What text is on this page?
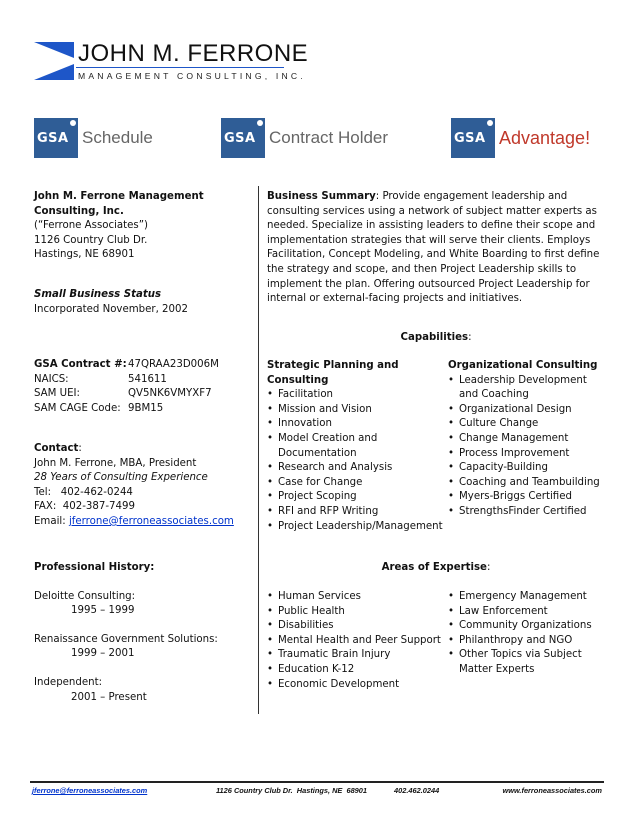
JOHN M. FERRONE
MANAGEMENT CONSULTING, INC.
GSA Schedule	GSA Contract Holder	GSA Advantage!
John M. Ferrone Management Consulting, Inc.
(“Ferrone Associates”)
1126 Country Club Dr.
Hastings, NE 68901
Small Business Status
Incorporated November, 2002
GSA Contract #: 47QRAA23D006M
NAICS:	541611
SAM UEI:	QV5NK6VMYXF7
SAM CAGE Code: 9BM15
Contact:
John M. Ferrone, MBA, President
28 Years of Consulting Experience
Tel:   402-462-0244
FAX:  402-387-7499
Email: jferrone@ferroneassociates.com
Professional History:
Deloitte Consulting:
1995 – 1999
Renaissance Government Solutions:
1999 – 2001
Independent:
2001 – Present
Business Summary: Provide engagement leadership and consulting services using a network of subject matter experts as needed. Specialize in assisting leaders to define their scope and implementation strategies that will serve their clients. Employs Facilitation, Concept Modeling, and White Boarding to first define the strategy and scope, and then Project Leadership skills to implement the plan. Offering outsourced Project Leadership for internal or external-facing projects and initiatives.
Capabilities:
Strategic Planning and Consulting
• Facilitation
• Mission and Vision
• Innovation
• Model Creation and Documentation
• Research and Analysis
• Case for Change
• Project Scoping
• RFI and RFP Writing
• Project Leadership/Management
Organizational Consulting
• Leadership Development and Coaching
• Organizational Design
• Culture Change
• Change Management
• Process Improvement
• Capacity-Building
• Coaching and Teambuilding
• Myers-Briggs Certified
• StrengthsFinder Certified
Areas of Expertise:
• Human Services
• Public Health
• Disabilities
• Mental Health and Peer Support
• Traumatic Brain Injury
• Education K-12
• Economic Development
• Emergency Management
• Law Enforcement
• Community Organizations
• Philanthropy and NGO
• Other Topics via Subject Matter Experts
jferrone@ferroneassociates.com	1126 Country Club Dr.  Hastings, NE  68901	402.462.0244	www.ferroneassociates.com
